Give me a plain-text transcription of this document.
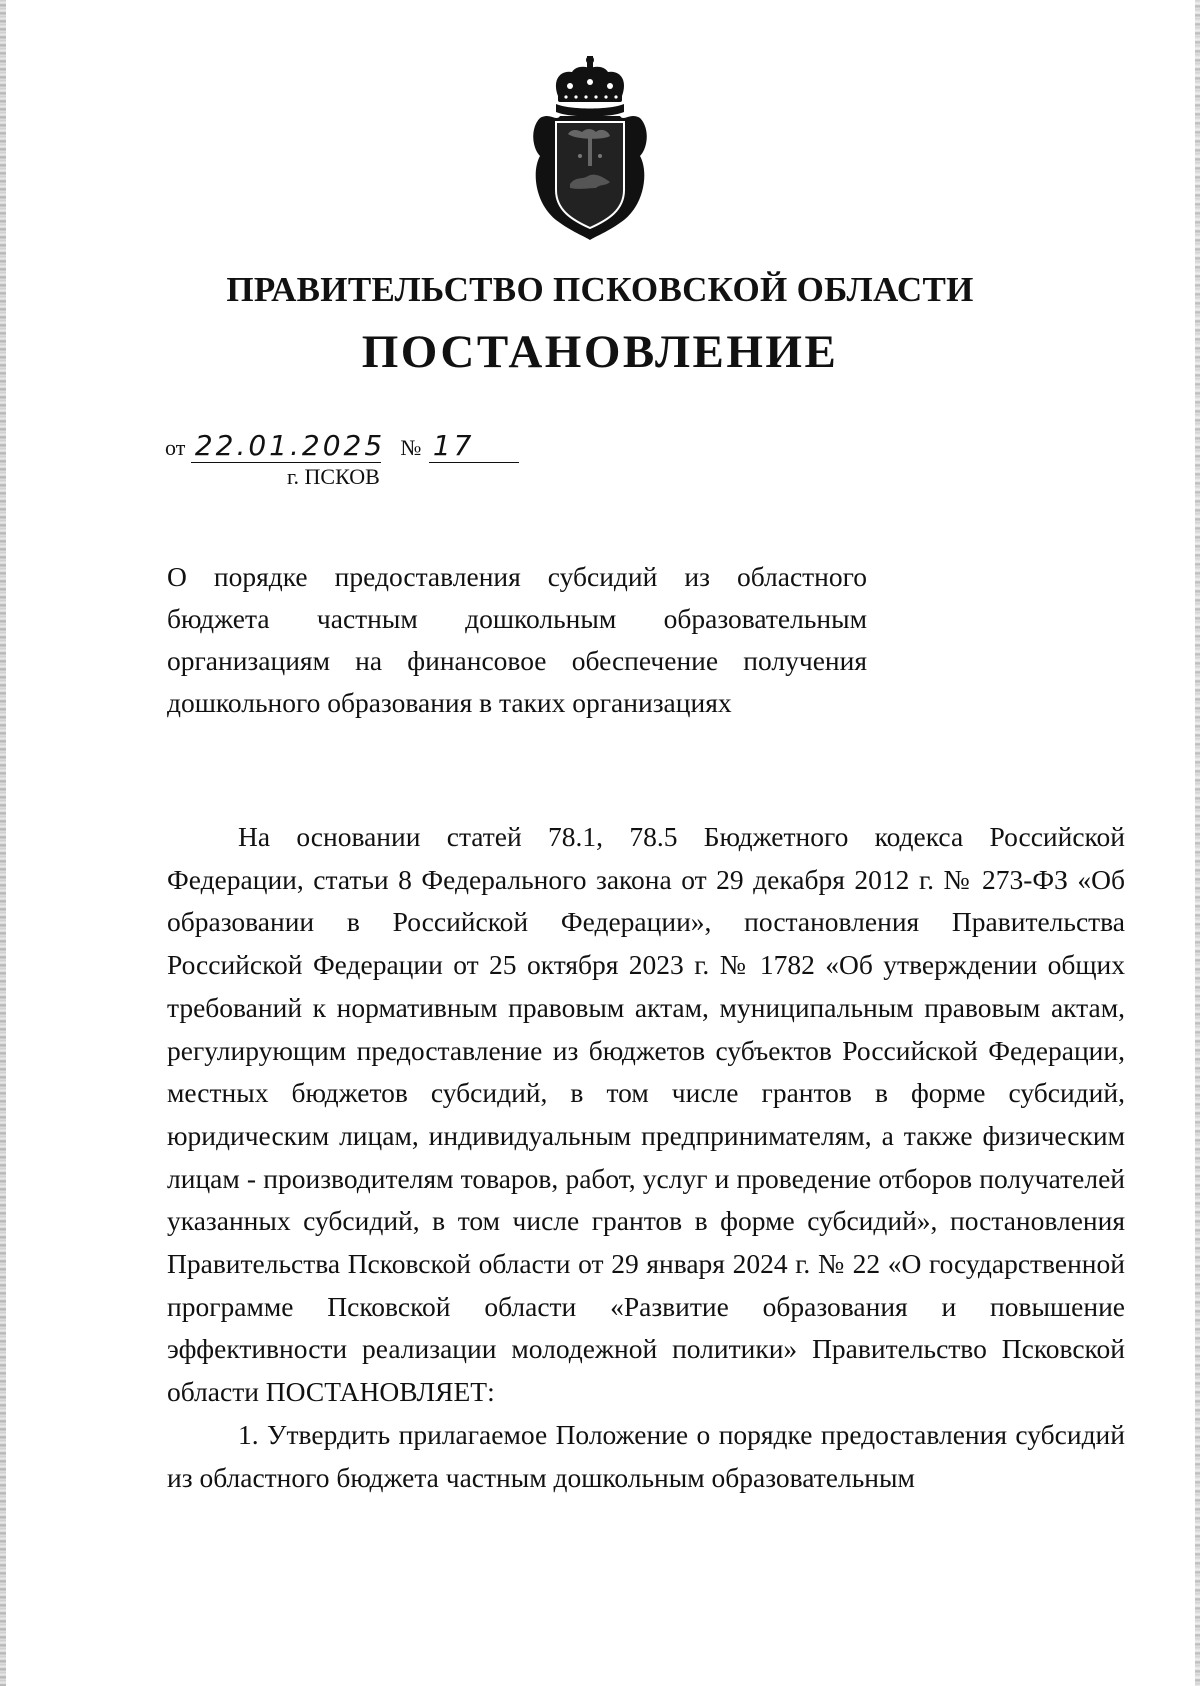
ПРАВИТЕЛЬСТВО ПСКОВСКОЙ ОБЛАСТИ
ПОСТАНОВЛЕНИЕ
от 22.01.2025 № 17
г. ПСКОВ
О порядке предоставления субсидий из областного бюджета частным дошкольным образовательным организациям на финансовое обеспечение получения дошкольного образования в таких организациях

На основании статей 78.1, 78.5 Бюджетного кодекса Российской Федерации, статьи 8 Федерального закона от 29 декабря 2012 г. № 273-ФЗ «Об образовании в Российской Федерации», постановления Правительства Российской Федерации от 25 октября 2023 г. № 1782 «Об утверждении общих требований к нормативным правовым актам, муниципальным правовым актам, регулирующим предоставление из бюджетов субъектов Российской Федерации, местных бюджетов субсидий, в том числе грантов в форме субсидий, юридическим лицам, индивидуальным предпринимателям, а также физическим лицам - производителям товаров, работ, услуг и проведение отборов получателей указанных субсидий, в том числе грантов в форме субсидий», постановления Правительства Псковской области от 29 января 2024 г. № 22 «О государственной программе Псковской области «Развитие образования и повышение эффективности реализации молодежной политики» Правительство Псковской области ПОСТАНОВЛЯЕТ:

1. Утвердить прилагаемое Положение о порядке предоставления субсидий из областного бюджета частным дошкольным образовательным
